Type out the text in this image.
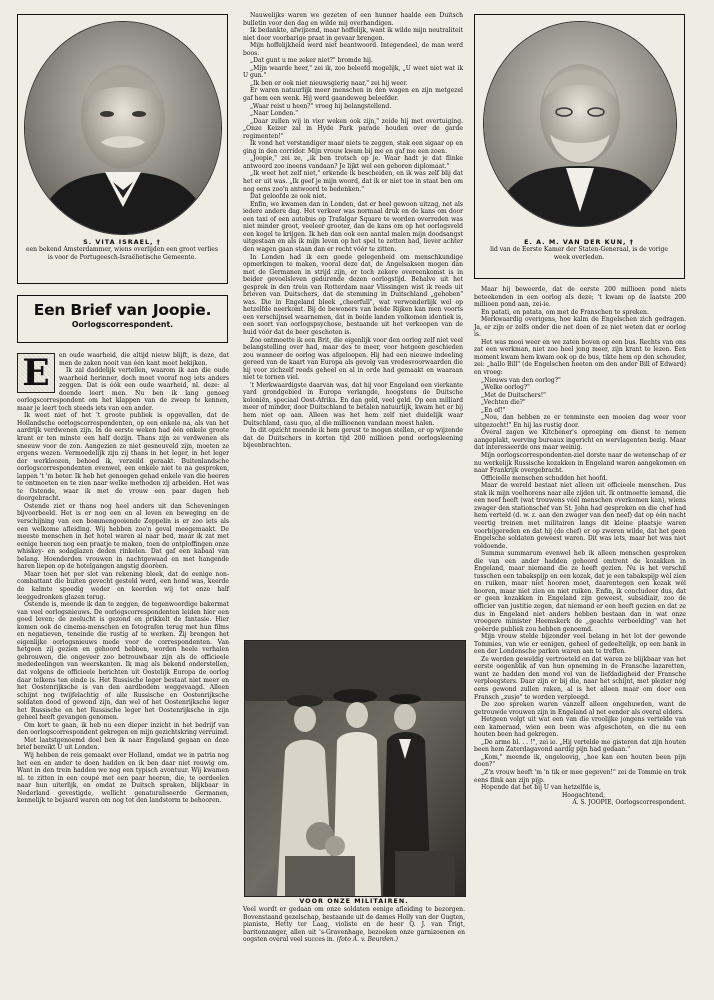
S. VITA ISRAEL, †
een bekend Amsterdammer, wiens overlijden een groot verlies is voor de Portugeesch-Israëlietische Gemeente.
E. A. M. VAN DER KUN, †
lid van de Eerste Kamer der Staten-Generaal, is de vorige week overleden.
Een Brief van Joopie.
Oorlogscorrespondent.
E	en oude waarheid, die altijd nieuw blijft, is deze, dat men de zaken nooit van één kant moet bekijken.

Ik zal daddelijk vertellen, waarom ik aan die oude waarheid herinner, doch moet vooraf nog iets anders zeggen. Dat is óók een oude waarheid, nl. deze: al doende leert men. Nu ben ik lang genoeg oorlogscorrespondent om het klappen van de zweep te kennen, maar je leert toch steeds iets van een ander.

Ik weet niet of het 't groote publiek is opgevallen, dat de Hollandsche oorlogscorrespondenten, op een enkele na, als van het aardrijk verdwenen zijn. In de eerste weken had één enkele groote krant er ten minste een half dozijn. Thans zijn ze verdwenen als sneeuw voor de zon. Aangezien ze niet gesneuveld zijn, moeten ze ergens wezen. Vermoedelijk zijn zij thans in het leger, in het leger der werkloozen, behoed ik, verzeild geraakt. Buitenlandsche oorlogscorrespondenten evenwel, een enkele niet te na gesproken, lappen 't 'm beter. Ik heb het genoegen gehad enkele van die heeren te ontmoeten en te zien naar welke methoden zij arbeiden. Het was te Ostende, waar ik met de vrouw een paar dagen heb doorgebracht.

Ostende ziet er thans nog heel anders uit dan Scheveningen bijvoorbeeld. Het is er nog een en al leven en beweging en de verschijning van een bommengooiende Zeppelin is er zoo iets als een welkome afleiding. Wij hebben zoo'n geval meegemaakt. De meeste menschen in het hotel waren al naar bed, maar ik zat met eenige heeren nog een praatje te maken, toen de ontploffingen onze whiskey- en sodaglazen deden rinkelen. Dat gaf een kabaal van belang. Hoenderden vrouwen in nachtgewaad en met hangende haren liepen op de hotelgangen angstig doorèen.

Maar toen het per slot van rekening bleek, dat de eenige non-combattant die buiten gevecht gesteld werd, een hond was, keerde de kalmte spoedig weder en keerden wij tot onze half leeggedronken glazen terug.

Ostende is, meende ik dan te zeggen, de tegenwoordige bakermat van veel oorlogsnieuws. De oorlogscorrespondenten leiden hier een goed leven; de zeelucht is gezond en prikkelt de fantasie. Hier komen ook de cinema-menschen en fotografen terug met hun films en negatieven, teneinde die rustig af te werken. Zij brengen het eigenlijke oorlogsnieuws mede voor de correspondenten. Van hetgeen zij gezien en gehoord hebben, worden heele verhalen gebrouwen, die ongeveer zoo betrouwbaar zijn als de officieele mededeelingen van weerskanten. Ik mag als bekend onderstellen, dat volgens de officieele berichten uit Oostelijk Europa de oorlog daar telkens ten einde is. Het Russische leger bestaat niet meer en het Oostenrijksche is van den aardbodem weggevaagd. Alleen schijnt nog twijfelachtig of alle Russische en Oostenrijksche soldaten dood of gewond zijn, dan wel of het Oostenrijksche leger het Russische en het Russische leger het Oostenrijksche in zijn geheel heeft gevangen genomen.

Om kort te gaan, ik heb nu een dieper inzicht in het bedrijf van den oorlogscorrespondent gekregen en mijn gezichtskring verruimd.

Met laatstgenoemd doel ben ik naar Engeland gegaan en deze brief bereikt U uit Londen.

Wij hebben de reis gemaakt over Holland, omdat we in patria nog het een en ander te doen hadden en ik ben daar niet rouwig om. Want in den trein hadden we nog een typisch avontuur. Wij kwamen nl. te zitten in een coupé met een paar heeren, die, te oordeelen naar hun uiterlijk, en omdat ze Duitsch spraken, blijkbaar in Nederland gevestigde, wellicht genaturaliseerde Germanen, kennelijk te bejaard waren om nog tot den landstorm te behooren.

Nauwelijks waren we gezeten of een hunner haalde een Duitsch bulletin voor den dag en wilde mij overhandigen.

Ik bedankte, afwijzend, maar hoffelijk, want ik wilde mijn neutraliteit niet door voorbarige praat in gevaar brengen.

Mijn hoffelijkheid werd niet beantwoord. Integendeel, de man werd boos.

„Dat gunt u me zeker niet?" bromde hij.

„Mijn waarde heer," zei ik, zoo beleefd mogelijk, „U weet niet wat ik U gun."

„Ik ben er ook niet nieuwsgierig naar," zei hij weer.

Er waren natuurlijk meer menschen in den wagen en zijn metgezel gaf hem een wenk. Hij werd gaandeweg beleefder.

„Waar reist u heen?" vroeg hij belangstellend.

„Naar Londen."

„Daar zullen wij in vier weken ook zijn," zeide hij met overtuiging. „Onze Keizer zal in Hyde Park parade houden over de garde regimenten!"

Ik vond het verstandiger maar niets te zeggen, stak een sigaar op en ging in den corridor. Mijn vrouw kwam bij me en gaf me een zoen.

„Joopie," zei ze, „ik ben trotsch op je. Waar hadt je dat flinke antwoord zoo ineens vandaan? Je lijkt wel een geboren diplomaat."

„Ik weet het zelf niet," erkende ik bescheiden, en ik was zelf blij dat het er uit was. „Ik geef je mijn woord, dat ik er niet toe in staat ben om nog eens zoo'n antwoord te bedenken."

Dat geloofde ze ook niet.

Enfin, we kwamen dan in Londen, dat er heel gewoon uitzag, net als iedere andere dag. Het verkeer was normaal druk en de kans om door een taxi of een autobus op Trafalgar Square te worden overreden was niet minder groot, veeleer grooter, dan de kans om op het oorlogsveld een kogel te krijgen. Ik heb dan ook een aantal malen mijn doodsangst uitgestaan en als ik mijn leven op het spel te zetten had, liever achter den wagen gaan staan dan er recht vóór te zitten.

In Londen had ik een goede gelegenheid om menschkundige opmerkingen te maken, vooral deze dat, de Angelsaksen mogen dan met de Germanen in strijd zijn, er toch zekere overeenkomst is in beider gevoelsleven gedurende dezen oorlogstijd. Behalve uit het gesprek in den trein van Rotterdam naar Vlissingen wist ik reeds uit brieven van Duitschers, dat de stemming in Duitschland „gehoben" was. Die in Engeland bleek „cheerfull", wat verwonderlijk wel op hetzelfde neerkomt. Bij de bewoners van beide Rijken kan men voorts een verschijnsel waarnemen, dat in beide landen volkomen identiek is, een soort van oorlogspsychose, bestaande uit het verkoopen van de huid vóór dat de beer geschoten is.

Zoo ontmoette ik een Brit, die eigenlijk voor den oorlog zelf niet veel belangstelling over had, maar des te meer, voor hetgeen geschieden zou wanneer de oorlog was afgeloopen. Hij had een nieuwe indeeling gereed van de kaart van Europa als gevolg van vredesvoorwaarden die hij voor zichzelf reeds geheel en al in orde had gemaakt en waaraan niet te tornen viel.

't Merkwaardigste daarvan was, dat hij voor Engeland een vierkante yard grondgebied in Europa verlangde, hoogstens de Duitsche koloniën, speciaal Oost-Afrika. En dan geld, veel geld. Op een milliard meer of minder, door Duitschland te betalen natuurlijk, kwam het er bij hem niet op aan. Alleen was het hem zelf niet duidelijk waar Duitschland, casu quo, al die millioenen vandaan moest halen.

In dit opzicht meende ik hem gerust te mogen stellen, er op wijzende dat de Duitschers in korten tijd 200 millioen pond oorlogsleening bijeenbrachten.

VOOR ONZE MILITAIREN.

Veel wordt er gedaan om onze soldaten eenige afleiding te bezorgen. Bovenstaand gezelschap, bestaande uit de dames Holly van der Gugten, pianiste, Hetty ter Laag, violiste en de heer Q. J. van Trigt, baritonzanger, allen uit 's-Gravenhage, bezoeken onze garnizoenen en oogsten overal veel succes in. (foto A. v. Beurden.)

Maar hij beweerde, dat de eerste 200 millioen pond niets beteekenden in een oorlog als deze; 't kwam op de laatste 200 millioen pond aan, zei-ie.

En patati, en patata, om met de Franschen te spreken.

Merkwaardig overigens, hoe kalm de Engelschen zich gedragen. Ja, er zijn er zelfs onder die net doen of ze niet weten dat er oorlog is.

Het was mooi weer en we zaten boven op een bus. Rechts van ons zat een werkman, niet zoo heel jong meer, zijn krant te lezen. Een moment kwam hem kwam ook op de bus, tikte hem op den schouder, zei: „hallo Bill" (de Engelschen heeten om den ander Bill of Edward) en vroeg:

„Nieuws van den oorlog?"

„Welke oorlog?"

„Met de Duitschers!"

„Vechten die?"

„En of!"

„Nou, dan hebben ze er tenminste een mooien dag weer voor uitgezocht!" En hij las rustig door.

Overal zagen we Kitchener's oproeping om dienst te nemen aangeplakt, werving bureaux ingericht en wervlagenten bezig. Maar dat interesseerde ons maar weinig.

Mijn oorlogscorrespondenten-ziel dorste naar de wetenschap of er nu werkelijk Russische kozakken in Engeland waren aangekomen en naar Frankrijk overgebracht.

Officieële menschen schudden het hoofd.

Maar de wereld bestaat niet alleen uit officieele menschen. Dus stak ik mijn voelhorens naar alle zijden uit. Ik ontmoette iemand, die een neef heeft (wat trouwens véél menschen overkomen kan), wiens zwager den stationschef van St. John had gesproken en die chef had hem verteld (d. w. z. aan den zwager van den neef) dat op één nacht veertig treinen met militairen langs dit kleine plaatsje waren voorbijgereden en dat hij (de chef) er op zweren wilde, dat het geen Engelsche soldaten geweest waren. Dit was iets, maar het was niet voldoende.

Summa summarum evenwel heb ik alleen menschen gesproken die van een ander hadden gehoord omtrent de kozakken in Engeland, maar niemand die ze heeft gezien. Nu is het verschil tusschen een tabakspijp en een kozak, dat je een tabakspijp wèl zien en ruiken, maar niet hooren moet, daarentegen een kozak wèl hooren, maar niet zien en niet ruiken. Enfin, ik concludeer dus, dat er geen kozakken in Engeland zijn geweest, subsidiair, zoo de officier van justitie zegen, dat niemand er een heeft gezien en dat ze dus in Engeland niet anders hebben bestaan dan in wat onze vroegere minister Heemskerk de „geachte verbeelding" van het geëerde publiek zou hebben genoemd.

Mijn vrouw stelde bijzonder veel belang in het lot der gewonde Tommies, van wie er eenigen, geheel of gedeeltelijk, op een bank in een der Londensche parken waren aan te treffen.

Ze werden geweldig vertroeteld en dat waren ze blijkbaar van het eerste oogenblik af van hun opneming in de Fransche lazaretten, want ze hadden den mond vol van de liefdadigheid der Fransche verpleegsters. Daar zijn er bij die, naar het schijnt, met plezier nóg eens gewond zullen raken, al is het alleen maar om door een Fransch „zusje" te worden verpleegd.

De zoo spreken waren vanzelf alleen ongehuwden, want de getrouwde vrouwen zijn in Engeland al net eender als overal elders.

Hetgeen volgt uit wat een van die vroolijke jongens vertelde van een kameraad, wien een been was afgeschoten, en die nu een houten been had gekregen.

„De arme bl. . . !", zei ie. „Hij vertelde me gisteren dat zijn houten been hem Zaterdagavond aardig pijn had gedaan."

„Kom," meende ik, ongeloovig, „hoe kan een houten been pijn doen?"

„Z'n vrouw heeft 'm 'n tik er mee gegeven!" zei de Tommie en trok eens flink aan zijn pijp.

Hopende dat het bij U van hetzelfde is,

Hoogachtend,

A. S. JOOPIE, Oorlogscorrespondent.
